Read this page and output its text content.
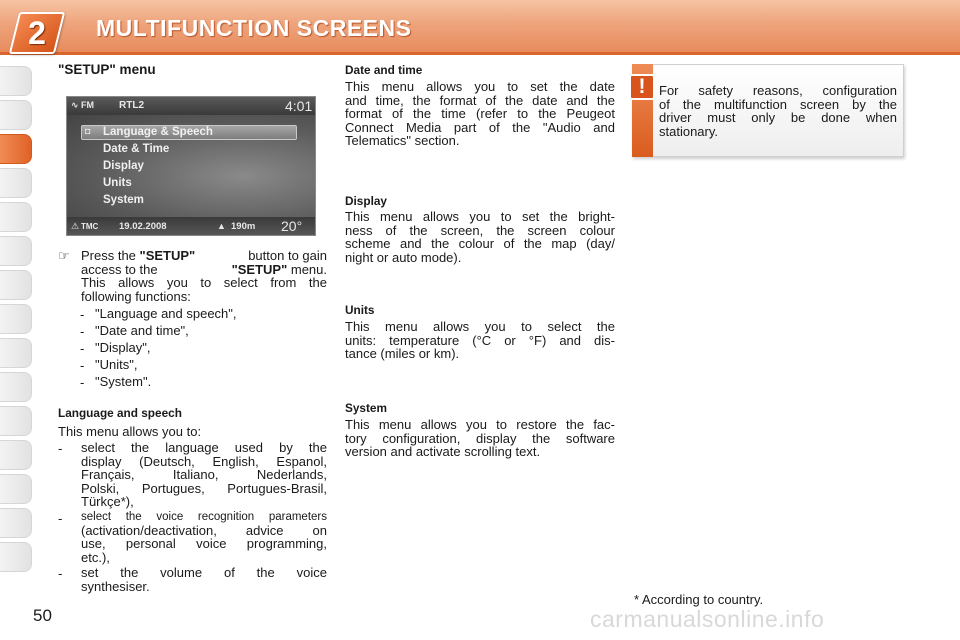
2	MULTIFUNCTION SCREENS
"SETUP" menu
∿ FM	RTL2	4:01
◘ Language & Speech
Date & Time
Display
Units
System
⚠ TMC 19.02.2008	▲ 190m 20°
☞ Press the "SETUP"	button to gain
access to the	"SETUP" menu.
This allows you to select from the
following functions:
- "Language and speech",
- "Date and time",
- "Display",
- "Units",
- "System".
Language and speech
This menu allows you to:
- select the language used by the
display (Deutsch, English, Espanol,
Français, Italiano, Nederlands,
Polski, Portugues, Portugues-Brasil,
Türkçe*),
- select the voice recognition parameters
(activation/deactivation, advice on
use, personal voice programming,
etc.),
- set the volume of the voice
synthesiser.
Date and time
This menu allows you to set the date
and time, the format of the date and the
format of the time (refer to the Peugeot
Connect Media part of the "Audio and
Telematics" section.
Display
This menu allows you to set the bright-
ness of the screen, the screen colour
scheme and the colour of the map (day/
night or auto mode).
Units
This menu allows you to select the
units: temperature (°C or °F) and dis-
tance (miles or km).
System
This menu allows you to restore the fac-
tory configuration, display the software
version and activate scrolling text.
!	For safety reasons, configuration
of the multifunction screen by the
driver must only be done when
stationary.
* According to country.
50	carmanualsonline.info
